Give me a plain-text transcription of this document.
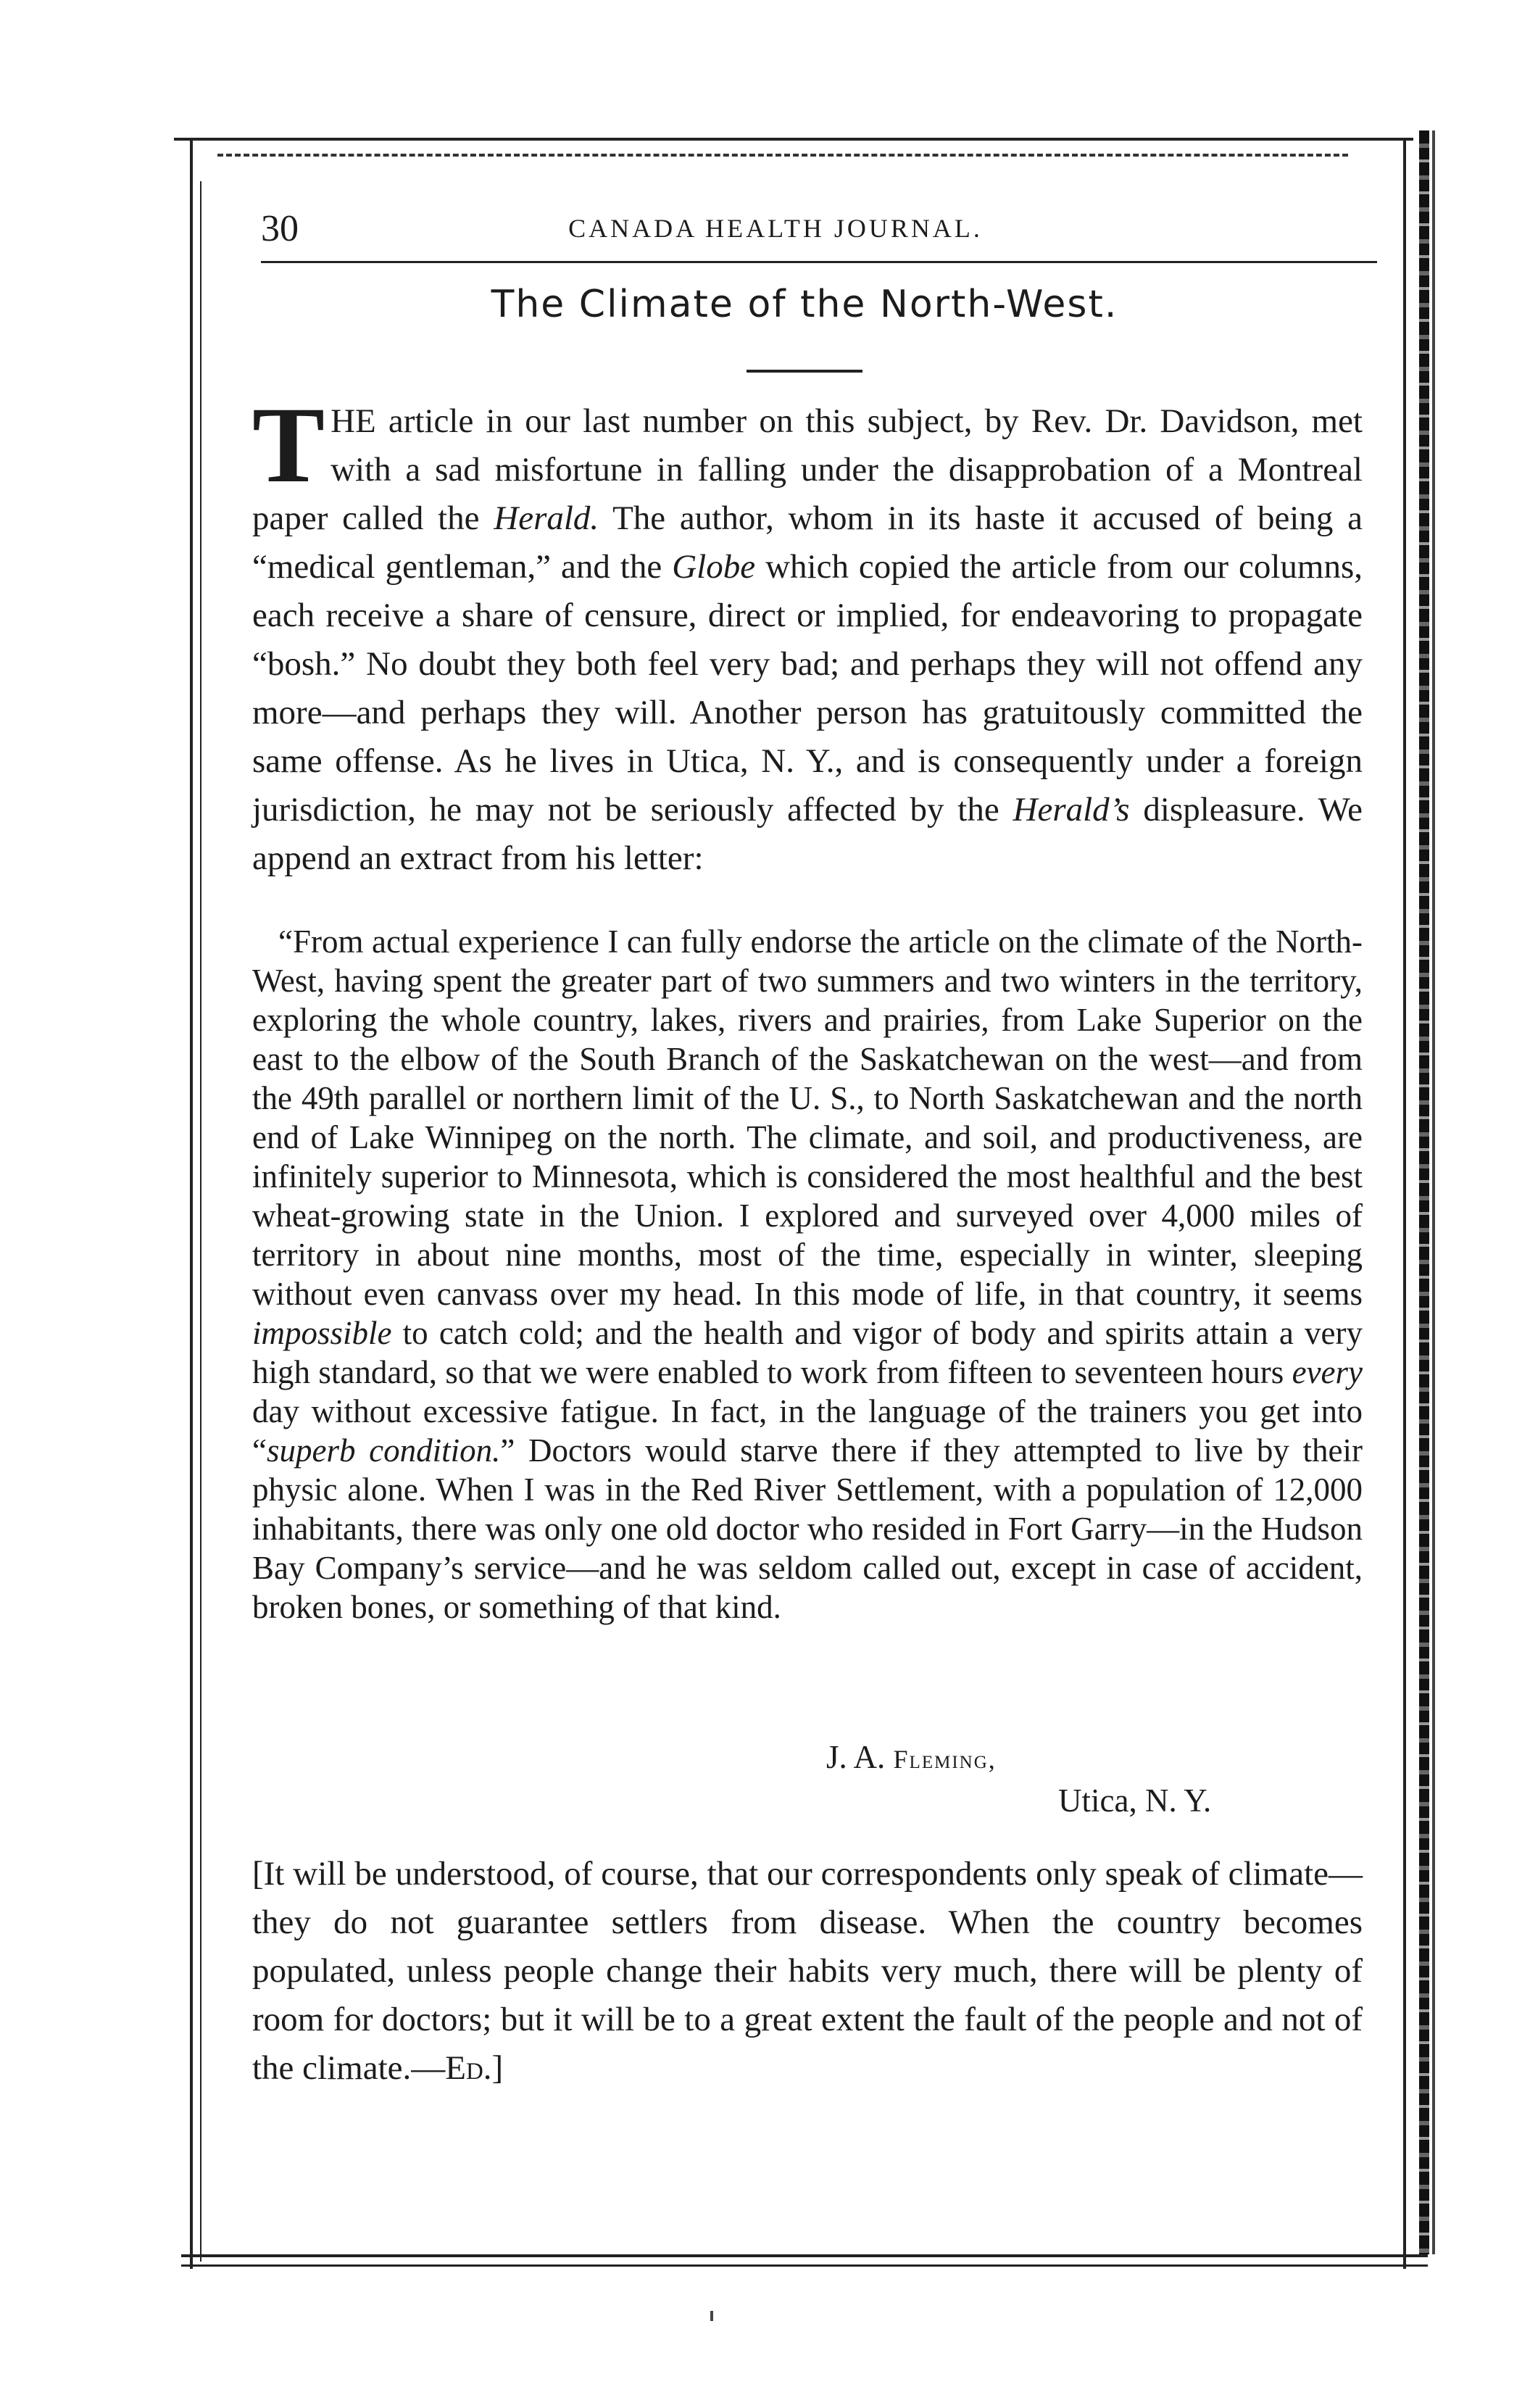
30	CANADA HEALTH JOURNAL.
The Climate of the North-West.

THE article in our last number on this subject, by Rev. Dr. Davidson, met with a sad misfortune in falling under the disapprobation of a Montreal paper called the Herald. The author, whom in its haste it accused of being a “medical gentleman,” and the Globe which copied the article from our columns, each receive a share of censure, direct or implied, for endeavoring to propagate “bosh.” No doubt they both feel very bad; and perhaps they will not offend any more—and perhaps they will. Another person has gratuitously committed the same offense. As he lives in Utica, N. Y., and is consequently under a foreign jurisdiction, he may not be seriously affected by the Herald’s displeasure. We append an extract from his letter:

“From actual experience I can fully endorse the article on the climate of the North-West, having spent the greater part of two summers and two winters in the territory, exploring the whole country, lakes, rivers and prairies, from Lake Superior on the east to the elbow of the South Branch of the Saskatchewan on the west—and from the 49th parallel or northern limit of the U. S., to North Saskatchewan and the north end of Lake Winnipeg on the north. The climate, and soil, and productiveness, are infinitely superior to Minnesota, which is considered the most healthful and the best wheat-growing state in the Union. I explored and surveyed over 4,000 miles of territory in about nine months, most of the time, especially in winter, sleeping without even canvass over my head. In this mode of life, in that country, it seems impossible to catch cold; and the health and vigor of body and spirits attain a very high standard, so that we were enabled to work from fifteen to seventeen hours every day without excessive fatigue. In fact, in the language of the trainers you get into “superb condition.” Doctors would starve there if they attempted to live by their physic alone. When I was in the Red River Settlement, with a population of 12,000 inhabitants, there was only one old doctor who resided in Fort Garry—in the Hudson Bay Company’s service—and he was seldom called out, except in case of accident, broken bones, or something of that kind.

J. A. Fleming,
Utica, N. Y.

[It will be understood, of course, that our correspondents only speak of climate—they do not guarantee settlers from disease. When the country becomes populated, unless people change their habits very much, there will be plenty of room for doctors; but it will be to a great extent the fault of the people and not of the climate.—Ed.]
